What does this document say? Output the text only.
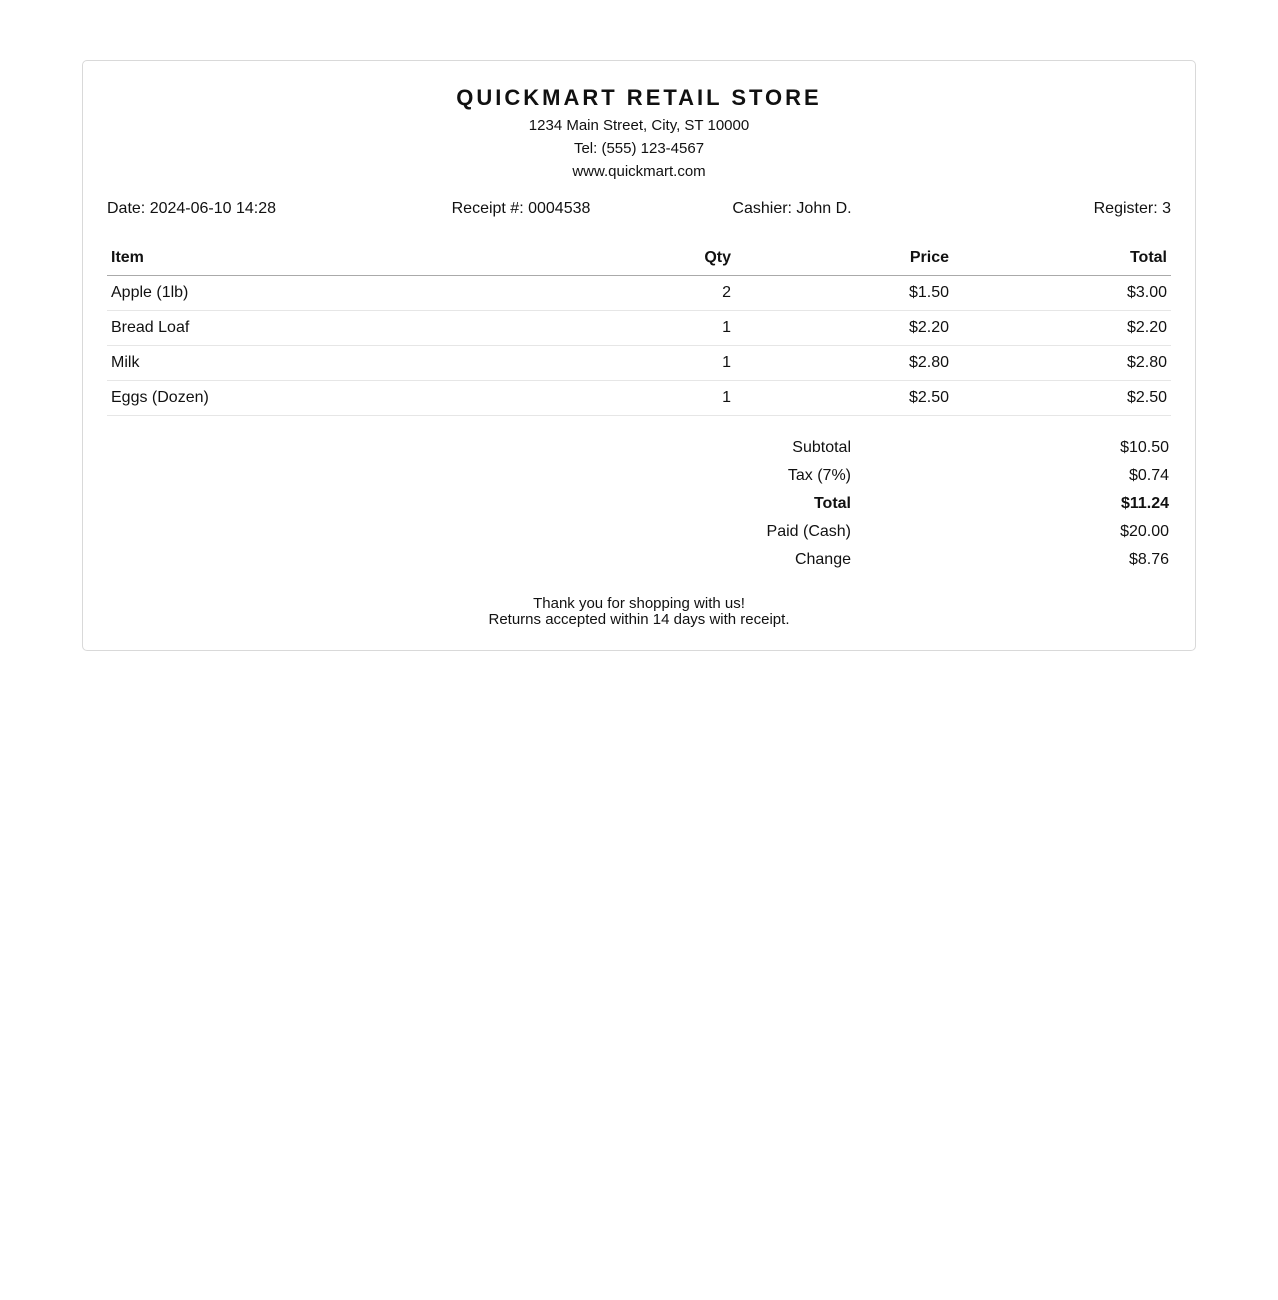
QUICKMART RETAIL STORE
1234 Main Street, City, ST 10000
Tel: (555) 123-4567
www.quickmart.com
Date: 2024-06-10 14:28	Receipt #: 0004538	Cashier: John D.	Register: 3
Item	Qty	Price	Total
Apple (1lb)	2	$1.50	$3.00
Bread Loaf	1	$2.20	$2.20
Milk	1	$2.80	$2.80
Eggs (Dozen)	1	$2.50	$2.50
Subtotal	$10.50
Tax (7%)	$0.74
Total	$11.24
Paid (Cash)	$20.00
Change	$8.76
Thank you for shopping with us!
Returns accepted within 14 days with receipt.
